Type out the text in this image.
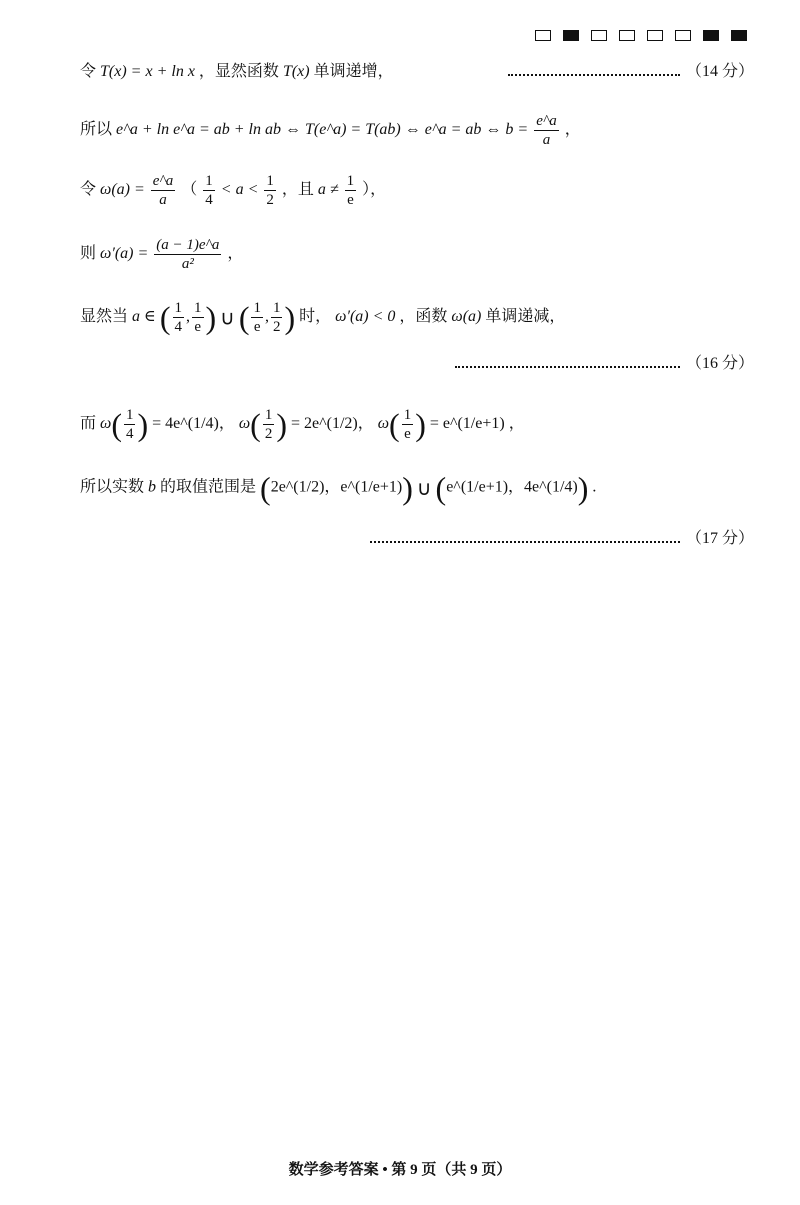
令 T(x) = x + ln x ，显然函数 T(x) 单调递增，	（14 分）
所以 e^a + ln e^a = ab + ln ab ⇔ T(e^a) = T(ab) ⇔ e^a = ab ⇔ $b = \frac{e\^{}a}{a}$ ，
令 $\omega(a) = \frac{e\^{}a}{a}$ （ $\frac{1}{4} < a < \frac{1}{2}$ ，且 $a \ne \frac{1}{e}$ ），
则 $\omega'(a) = \frac{(a - 1)e\^{}a}{\text{a²}}$ ，
显然当 a ∈ ( $\frac{1}{4}$ , $\frac{1}{e}$ ) ∪ ( $\frac{1}{e}$ , $\frac{1}{2}$ ) 时， ω′(a) < 0 ，函数 ω(a) 单调递减，
（16 分）
而 $\omega( \frac{1}{4}$ ) = 4e^(1/4)， $\omega( \frac{1}{2}$ ) = 2e^(1/2)， $\omega( \frac{1}{e}$ ) = e^(1/e+1) ，
所以实数 b 的取值范围是 (2e^(1/2)，e^(1/e+1)) ∪ (e^(1/e+1)，4e^(1/4)) .
（17 分）
数学参考答案 • 第 9 页（共 9 页）
